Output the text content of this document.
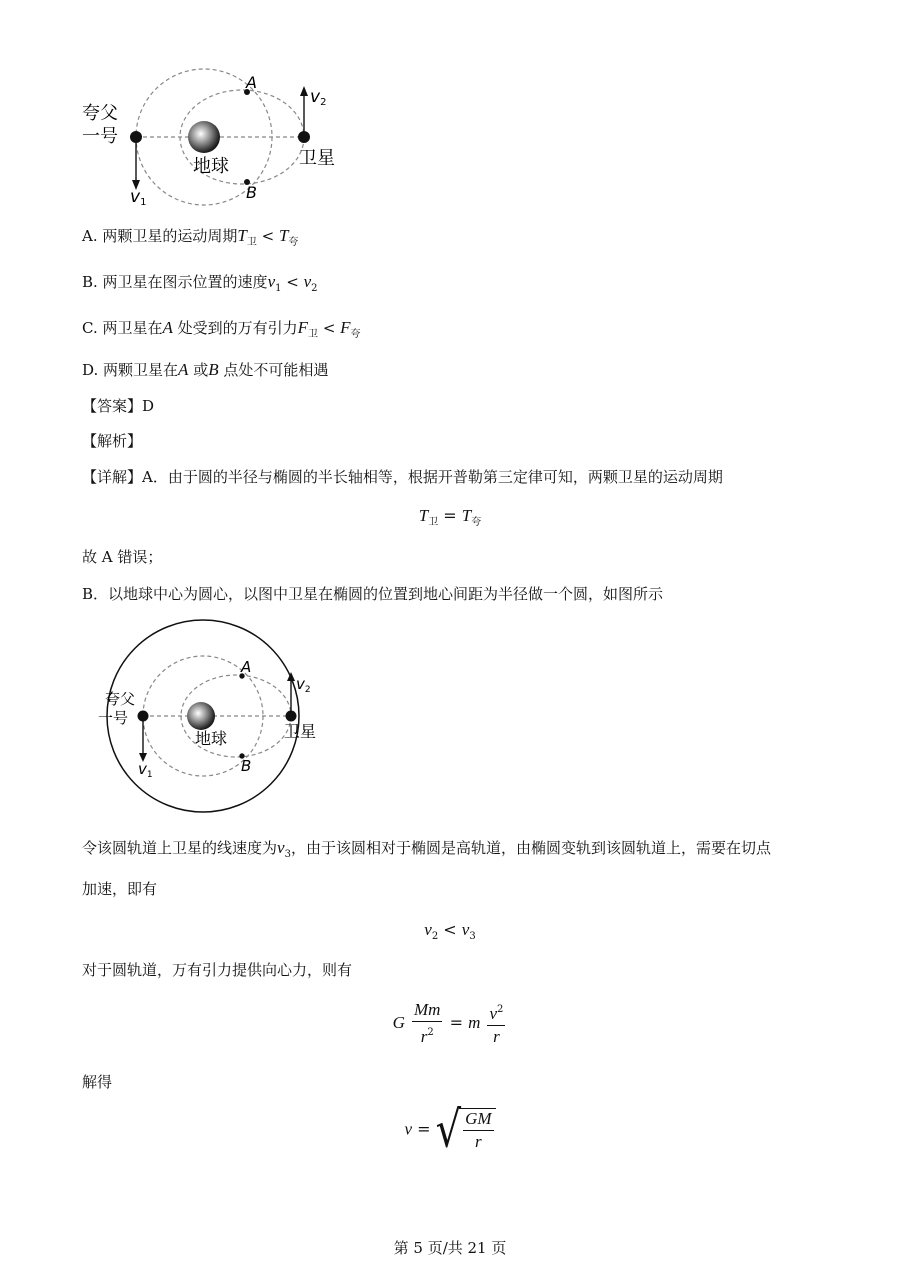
夸父
一号
地球	卫星
A
B
v1
v2
A. 两颗卫星的运动周期$T_卫 < T_夸$
B. 两卫星在图示位置的速度$v_1 < v_2$
C. 两卫星在A 处受到的万有引力$F_卫 < F_夸$
D. 两颗卫星在A 或B 点处不可能相遇
【答案】D
【解析】
【详解】A．由于圆的半径与椭圆的半长轴相等，根据开普勒第三定律可知，两颗卫星的运动周期
$T_卫 = T_夸$
故 A 错误；
B．以地球中心为圆心，以图中卫星在椭圆的位置到地心间距为半径做一个圆，如图所示
夸父
一号
地球	卫星
A
B
$v_1$
$v_2$
令该圆轨道上卫星的线速度为$v_3$，由于该圆相对于椭圆是高轨道，由椭圆变轨到该圆轨道上，需要在切点
加速，即有
$v_2 < v_3$
对于圆轨道，万有引力提供向心力，则有
G $\frac{Mm}{r^2} = m \frac{v^2}{r}$
解得
v = √ $\frac{GM}{r}$
第 5 页/共 21 页
